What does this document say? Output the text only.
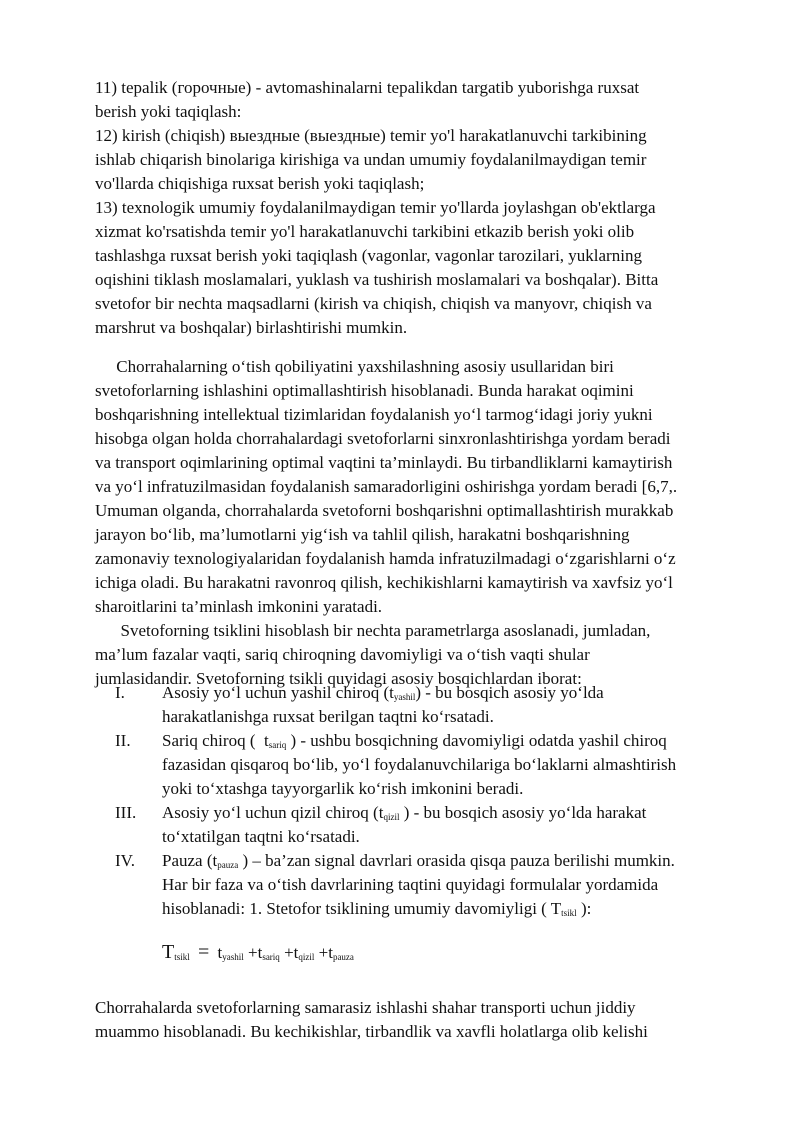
11) tepalik (горочные) - avtomashinalarni tepalikdan targatib yuborishga ruxsat
berish yoki taqiqlash:
12) kirish (chiqish) выездные (выездные) temir yo'l harakatlanuvchi tarkibining
ishlab chiqarish binolariga kirishiga va undan umumiy foydalanilmaydigan temir
vo'llarda chiqishiga ruxsat berish yoki taqiqlash;
13) texnologik umumiy foydalanilmaydigan temir yo'llarda joylashgan ob'ektlarga
xizmat ko'rsatishda temir yo'l harakatlanuvchi tarkibini etkazib berish yoki olib
tashlashga ruxsat berish yoki taqiqlash (vagonlar, vagonlar tarozilari, yuklarning
oqishini tiklash moslamalari, yuklash va tushirish moslamalari va boshqalar). Bitta
svetofor bir nechta maqsadlarni (kirish va chiqish, chiqish va manyovr, chiqish va
marshrut va boshqalar) birlashtirishi mumkin.
Chorrahalarning o‘tish qobiliyatini yaxshilashning asosiy usullaridan biri
svetoforlarning ishlashini optimallashtirish hisoblanadi. Bunda harakat oqimini
boshqarishning intellektual tizimlaridan foydalanish yo‘l tarmog‘idagi joriy yukni
hisobga olgan holda chorrahalardagi svetoforlarni sinxronlashtirishga yordam beradi
va transport oqimlarining optimal vaqtini ta’minlaydi. Bu tirbandliklarni kamaytirish
va yo‘l infratuzilmasidan foydalanish samaradorligini oshirishga yordam beradi [6,7,.
Umuman olganda, chorrahalarda svetoforni boshqarishni optimallashtirish murakkab
jarayon bo‘lib, ma’lumotlarni yig‘ish va tahlil qilish, harakatni boshqarishning
zamonaviy texnologiyalaridan foydalanish hamda infratuzilmadagi o‘zgarishlarni o‘z
ichiga oladi. Bu harakatni ravonroq qilish, kechikishlarni kamaytirish va xavfsiz yo‘l
sharoitlarini ta’minlash imkonini yaratadi.
Svetoforning tsiklini hisoblash bir nechta parametrlarga asoslanadi, jumladan,
ma’lum fazalar vaqti, sariq chiroqning davomiyligi va o‘tish vaqti shular
jumlasidandir. Svetoforning tsikli quyidagi asosiy bosqichlardan iborat:
I. Asosiy yo‘l uchun yashil chiroq $(t_{yashil})$ - bu bosqich asosiy yo‘lda
harakatlanishga ruxsat berilgan taqtni ko‘rsatadi.
II. Sariq chiroq (  $t_{sariq}$ ) - ushbu bosqichning davomiyligi odatda yashil chiroq
fazasidan qisqaroq bo‘lib, yo‘l foydalanuvchilariga bo‘laklarni almashtirish
yoki to‘xtashga tayyorgarlik ko‘rish imkonini beradi.
III. Asosiy yo‘l uchun qizil chiroq ($t_{qizil}$ ) - bu bosqich asosiy yo‘lda harakat
to‘xtatilgan taqtni ko‘rsatadi.
IV. Pauza ($t_{pauza}$ ) – ba’zan signal davrlari orasida qisqa pauza berilishi mumkin.
Har bir faza va o‘tish davrlarining taqtini quyidagi formulalar yordamida
hisoblanadi: 1. Stetofor tsiklining umumiy davomiyligi ( $T_{tsikl}$ ):
$T_{tsikl} = t_{yashil} +t_{sariq} +t_{qizil} +t_{pauza}$
Chorrahalarda svetoforlarning samarasiz ishlashi shahar transporti uchun jiddiy
muammo hisoblanadi. Bu kechikishlar, tirbandlik va xavfli holatlarga olib kelishi
